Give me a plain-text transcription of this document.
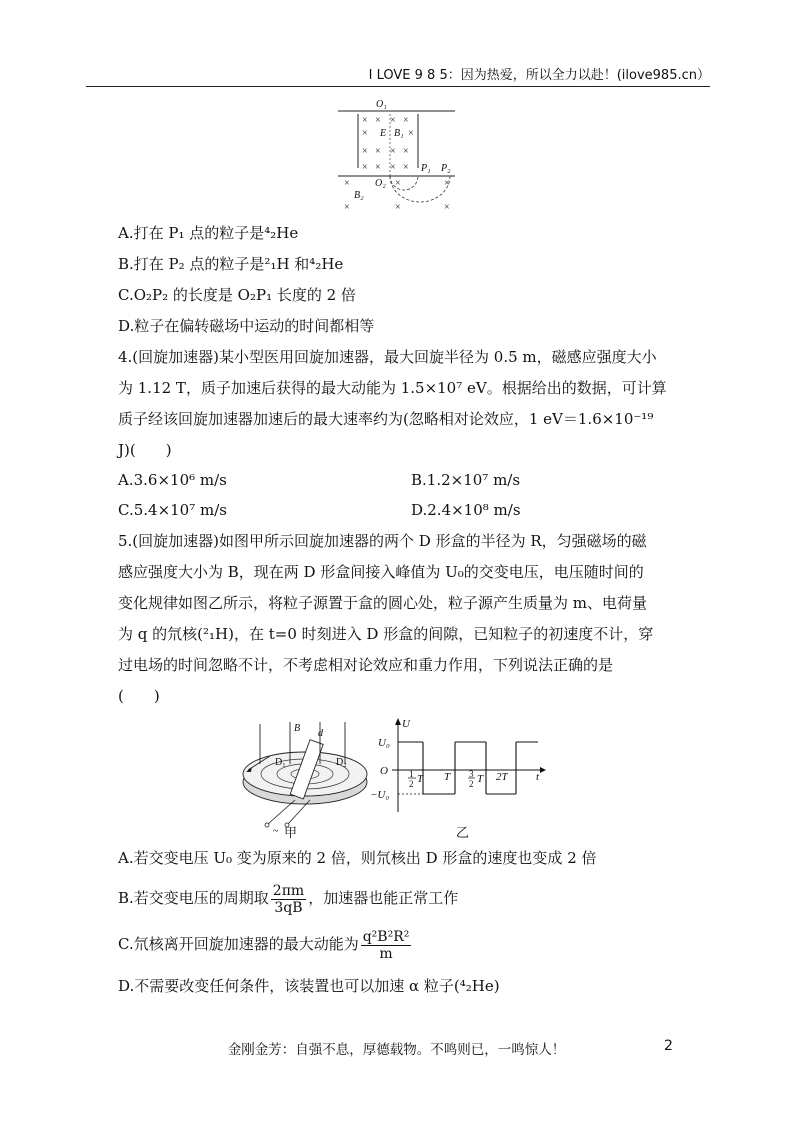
I LOVE 9 8 5：因为热爱，所以全力以赴！(ilove985.cn）
× × × ×
×	×
× × × ×
× × × ×
×	×	×
×	×	×
O₁
E B₁
P₁ P₂
O₂
B₂
A.打在 P₁ 点的粒子是⁴₂He
B.打在 P₂ 点的粒子是²₁H 和⁴₂He
C.O₂P₂ 的长度是 O₂P₁ 长度的 2 倍
D.粒子在偏转磁场中运动的时间都相等
4.(回旋加速器)某小型医用回旋加速器，最大回旋半径为 0.5 m，磁感应强度大小
为 1.12 T，质子加速后获得的最大动能为 1.5×10⁷ eV。根据给出的数据，可计算
质子经该回旋加速器加速后的最大速率约为(忽略相对论效应，1 eV＝1.6×10⁻¹⁹
J)(　　)
A.3.6×10⁶ m/s	B.1.2×10⁷ m/s
C.5.4×10⁷ m/s	D.2.4×10⁸ m/s
5.(回旋加速器)如图甲所示回旋加速器的两个 D 形盒的半径为 R，匀强磁场的磁
感应强度大小为 B，现在两 D 形盒间接入峰值为 U₀的交变电压，电压随时间的
变化规律如图乙所示，将粒子源置于盒的圆心处，粒子源产生质量为 m、电荷量
为 q 的氘核(²₁H)，在 t=0 时刻进入 D 形盒的间隙，已知粒子的初速度不计，穿
过电场的时间忽略不计，不考虑相对论效应和重力作用，下列说法正确的是
(　　)
B d
D₁	D₂
~ 甲
U
U₀
O
−U₀
t
1
2 T T 3
2 T 2T
乙
A.若交变电压 U₀ 变为原来的 2 倍，则氘核出 D 形盒的速度也变成 2 倍
B.若交变电压的周期取 $\frac{2\pi m}{3qB}$ ，加速器也能正常工作
C.氘核离开回旋加速器的最大动能为 $\frac{\text{q²B²R²}}{m}$
D.不需要改变任何条件，该装置也可以加速 α 粒子(⁴₂He)
金刚金芳：自强不息，厚德载物。不鸣则已，一鸣惊人！	2
